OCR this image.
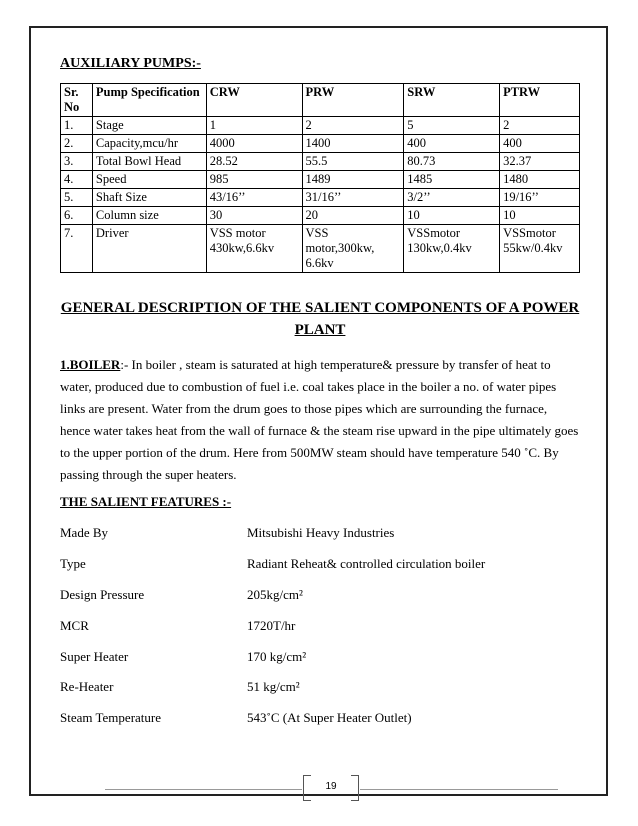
AUXILIARY PUMPS:-
Sr. No	Pump Specification	CRW	PRW	SRW	PTRW
1.	Stage	1	2	5	2
2.	Capacity,mcu/hr	4000	1400	400	400
3.	Total Bowl Head	28.52	55.5	80.73	32.37
4.	Speed	985	1489	1485	1480
5.	Shaft Size	43/16’’	31/16’’	3/2’’	19/16’’
6.	Column size	30	20	10	10
7.	Driver	VSS motor 430kw,6.6kv	VSS motor,300kw, 6.6kv	VSSmotor 130kw,0.4kv	VSSmotor 55kw/0.4kv
GENERAL DESCRIPTION OF THE SALIENT COMPONENTS OF A POWER PLANT

1.BOILER:- In boiler , steam is saturated at high temperature& pressure by transfer of heat to water, produced due to combustion of fuel i.e. coal takes place in the boiler a no. of water pipes links are present. Water from the drum goes to those pipes which are surrounding the furnace, hence water takes heat from the wall of furnace & the steam rise upward in the pipe ultimately goes to the upper portion of the drum. Here from 500MW steam should have temperature 540 ˚C. By passing through the super heaters.

THE SALIENT FEATURES :-
Made By	Mitsubishi Heavy Industries
Type	Radiant Reheat& controlled circulation boiler
Design Pressure	205kg/cm²
MCR	1720T/hr
Super Heater	170 kg/cm²
Re-Heater	51 kg/cm²
Steam Temperature	543˚C (At Super Heater Outlet)
19
